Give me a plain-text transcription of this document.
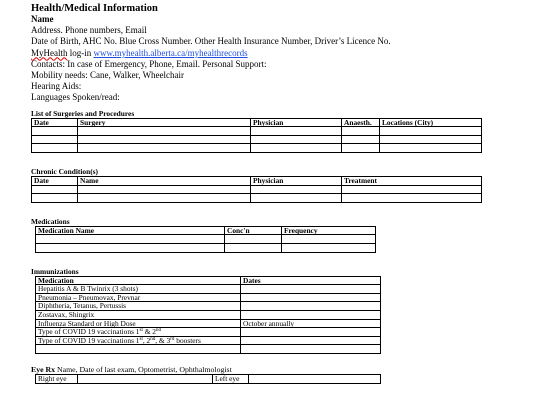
Health/Medical Information
Name
Address. Phone numbers, Email
Date of Birth, AHC No. Blue Cross Number. Other Health Insurance Number, Driver’s Licence No.
MyHealth log-in www.myhealth.alberta.ca/myhealthrecords
Contacts: In case of Emergency, Phone, Email. Personal Support:
Mobility needs: Cane, Walker, Wheelchair
Hearing Aids:
Languages Spoken/read:
List of Surgeries and Procedures
Date	Surgery	Physician	Anaesth.	Locations (City)

Chronic Condition(s)
Date	Name	Physician	Treatment

Medications
Medication Name	Conc'n	Frequency

Immunizations
Medication	Dates
Hepatitis A & B Twinrix (3 shots)	
Pneumonia – Pneumovax, Prevnar	
Diphtheria, Tetanus, Pertussis	
Zostavax, Shingrix	
Influenza Standard or High Dose	October annually
Type of COVID 19 vaccinations 1st & 2nd	
Type of COVID 19 vaccinations 1st, 2nd, & 3rd boosters	

Eye Rx Name, Date of last exam, Optometrist, Ophthalmologist
Right eye		Left eye	
